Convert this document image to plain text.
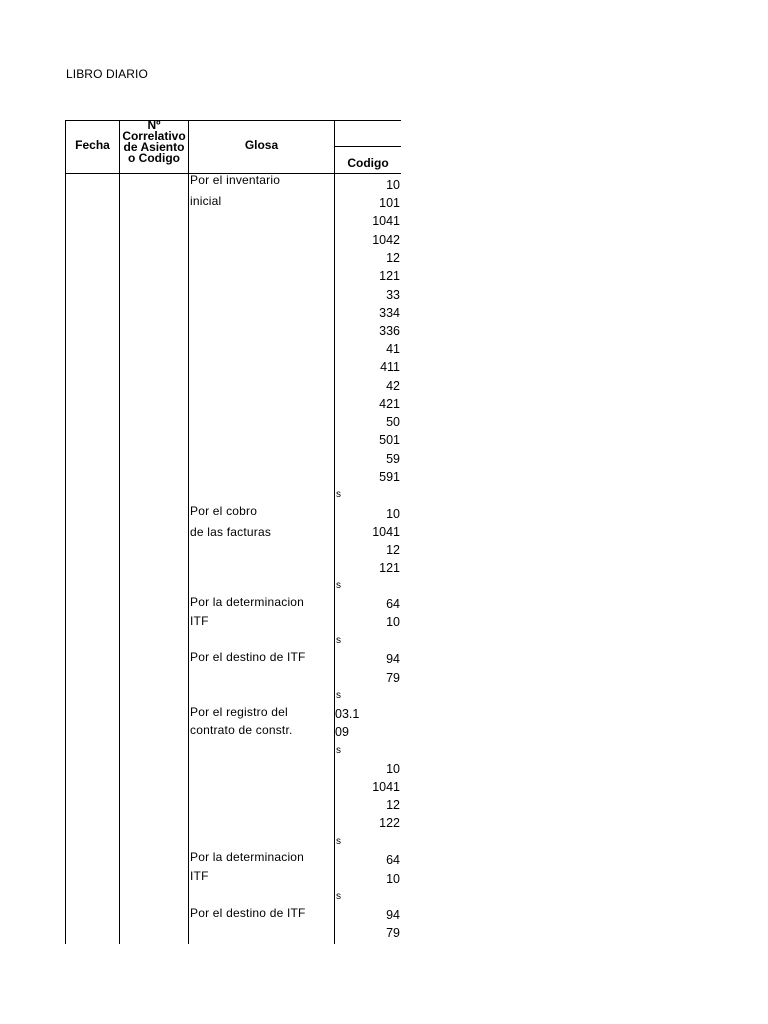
LIBRO DIARIO
Fecha
Nº Correlativo de Asiento o Codigo
Glosa
Codigo
Por el inventario
inicial
Por el cobro
de las facturas
Por la determinacion
ITF
Por el destino de ITF
Por el registro del
contrato de constr.
Por la determinacion
ITF
Por el destino de ITF
10
101
1041
1042
12
121
33
334
336
41
411
42
421
50
501
59
591
s
10
1041
12
121
s
64
10
s
94
79
s
03.1
09
s
10
1041
12
122
s
64
10
s
94
79
